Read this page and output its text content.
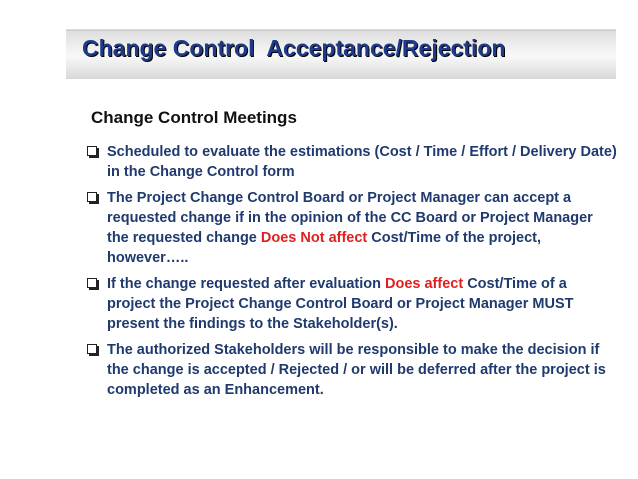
Change Control  Acceptance/Rejection
Change Control Meetings
Scheduled to evaluate the estimations (Cost / Time / Effort / Delivery Date) in the Change Control form
The Project Change Control Board or Project Manager can accept a requested change if in the opinion of the CC Board or Project Manager the requested change Does Not affect Cost/Time of the project, however…..
If the change requested after evaluation Does affect Cost/Time of a project the Project Change Control Board or Project Manager MUST present the findings to the Stakeholder(s).
The authorized Stakeholders will be responsible to make the decision if the change is accepted / Rejected / or will be deferred after the project is completed as an Enhancement.
